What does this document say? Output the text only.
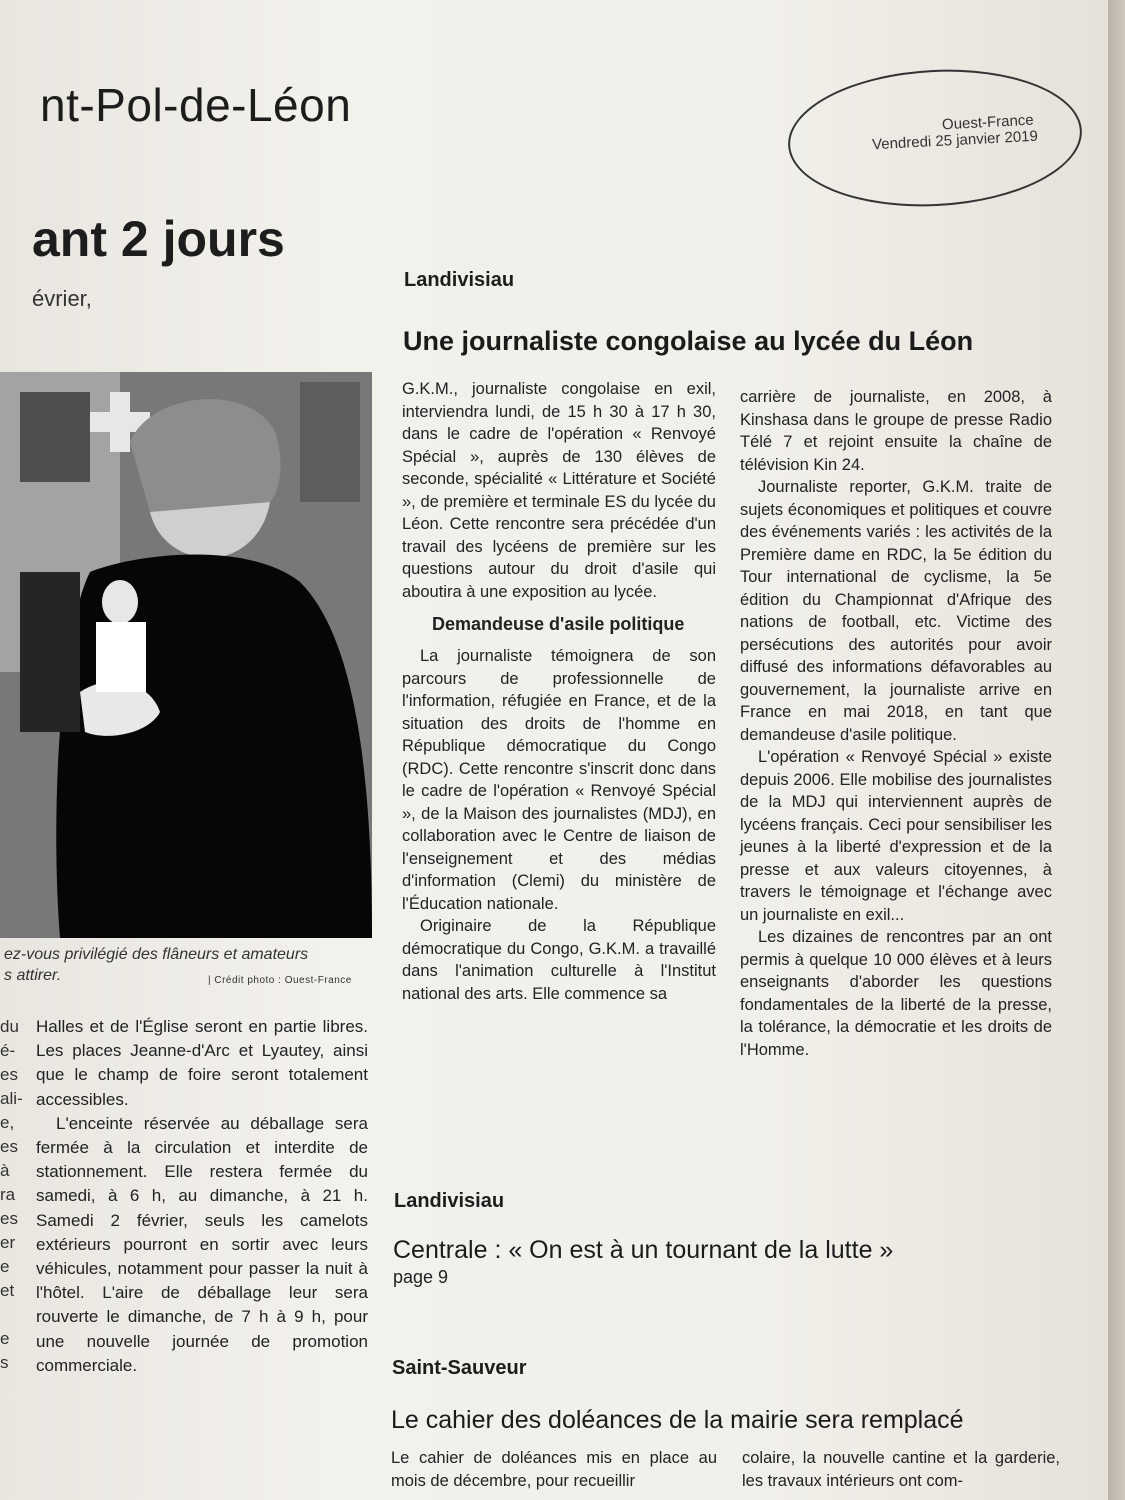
nt-Pol-de-Léon	Ouest-France
Vendredi 25 janvier 2019
ant 2 jours
évrier,
ez-vous privilégié des flâneurs et amateurs
s attirer.	| Crédit photo : Ouest-France
du
é-
es
ali-
e,
es
à
ra
es
er
e
et
e
s

Halles et de l'Église seront en partie libres. Les places Jeanne-d'Arc et Lyautey, ainsi que le champ de foire seront totalement accessibles.

L'enceinte réservée au déballage sera fermée à la circulation et interdite de stationnement. Elle restera fermée du samedi, à 6 h, au dimanche, à 21 h. Samedi 2 février, seuls les camelots extérieurs pourront en sortir avec leurs véhicules, notamment pour passer la nuit à l'hôtel. L'aire de déballage leur sera rouverte le dimanche, de 7 h à 9 h, pour une nouvelle journée de promotion commerciale.

Landivisiau
Une journaliste congolaise au lycée du Léon

G.K.M., journaliste congolaise en exil, interviendra lundi, de 15 h 30 à 17 h 30, dans le cadre de l'opération « Renvoyé Spécial », auprès de 130 élèves de seconde, spécialité « Littérature et Société », de première et terminale ES du lycée du Léon. Cette rencontre sera précédée d'un travail des lycéens de première sur les questions autour du droit d'asile qui aboutira à une exposition au lycée.

Demandeuse d'asile politique

La journaliste témoignera de son parcours de professionnelle de l'information, réfugiée en France, et de la situation des droits de l'homme en République démocratique du Congo (RDC). Cette rencontre s'inscrit donc dans le cadre de l'opération « Renvoyé Spécial », de la Maison des journalistes (MDJ), en collaboration avec le Centre de liaison de l'enseignement et des médias d'information (Clemi) du ministère de l'Éducation nationale.

Originaire de la République démocratique du Congo, G.K.M. a travaillé dans l'animation culturelle à l'Institut national des arts. Elle commence sa

carrière de journaliste, en 2008, à Kinshasa dans le groupe de presse Radio Télé 7 et rejoint ensuite la chaîne de télévision Kin 24.

Journaliste reporter, G.K.M. traite de sujets économiques et politiques et couvre des événements variés : les activités de la Première dame en RDC, la 5e édition du Tour international de cyclisme, la 5e édition du Championnat d'Afrique des nations de football, etc. Victime des persécutions des autorités pour avoir diffusé des informations défavorables au gouvernement, la journaliste arrive en France en mai 2018, en tant que demandeuse d'asile politique.

L'opération « Renvoyé Spécial » existe depuis 2006. Elle mobilise des journalistes de la MDJ qui interviennent auprès de lycéens français. Ceci pour sensibiliser les jeunes à la liberté d'expression et de la presse et aux valeurs citoyennes, à travers le témoignage et l'échange avec un journaliste en exil...

Les dizaines de rencontres par an ont permis à quelque 10 000 élèves et à leurs enseignants d'aborder les questions fondamentales de la liberté de la presse, la tolérance, la démocratie et les droits de l'Homme.

Landivisiau
Centrale : « On est à un tournant de la lutte »
page 9
Saint-Sauveur
Le cahier des doléances de la mairie sera remplacé

Le cahier de doléances mis en place au mois de décembre, pour recueillir

colaire, la nouvelle cantine et la garderie, les travaux intérieurs ont com-
